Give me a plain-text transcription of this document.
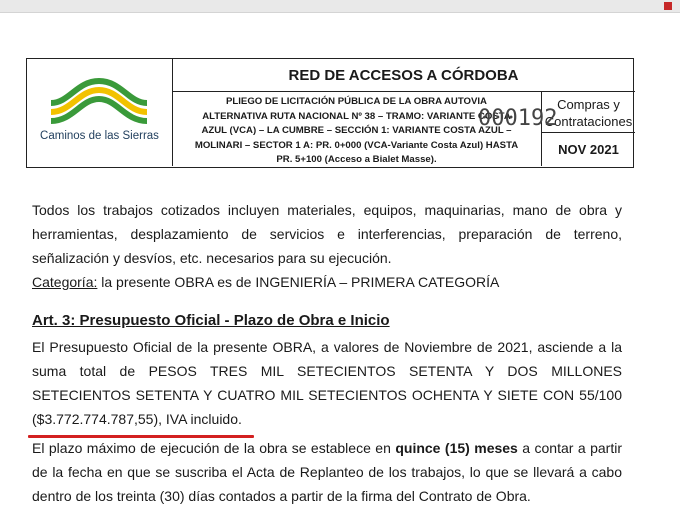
Caminos de las Sierras
RED DE ACCESOS A CÓRDOBA
PLIEGO DE LICITACIÓN PÚBLICA DE LA OBRA AUTOVIA
ALTERNATIVA RUTA NACIONAL Nº 38 – TRAMO: VARIANTE COSTA
AZUL (VCA) – LA CUMBRE – SECCIÓN 1: VARIANTE COSTA AZUL –
MOLINARI – SECTOR 1 A: PR. 0+000 (VCA-Variante Costa Azul) HASTA
PR. 5+100 (Acceso a Bialet Masse).
Compras y
Contrataciones
NOV 2021
000192
Todos los trabajos cotizados incluyen materiales, equipos, maquinarias, mano de obra y
herramientas, desplazamiento de servicios e interferencias, preparación de terreno,
señalización y desvíos, etc. necesarios para su ejecución.
Categoría: la presente OBRA es de INGENIERÍA – PRIMERA CATEGORÍA
Art. 3: Presupuesto Oficial - Plazo de Obra e Inicio
El Presupuesto Oficial de la presente OBRA, a valores de Noviembre de 2021, asciende a la
suma total de PESOS TRES MIL SETECIENTOS SETENTA Y DOS MILLONES
SETECIENTOS SETENTA Y CUATRO MIL SETECIENTOS OCHENTA Y SIETE CON 55/100
($3.772.774.787,55), IVA incluido.
El plazo máximo de ejecución de la obra se establece en quince (15) meses a contar a partir
de la fecha en que se suscriba el Acta de Replanteo de los trabajos, lo que se llevará a cabo
dentro de los treinta (30) días contados a partir de la firma del Contrato de Obra.
